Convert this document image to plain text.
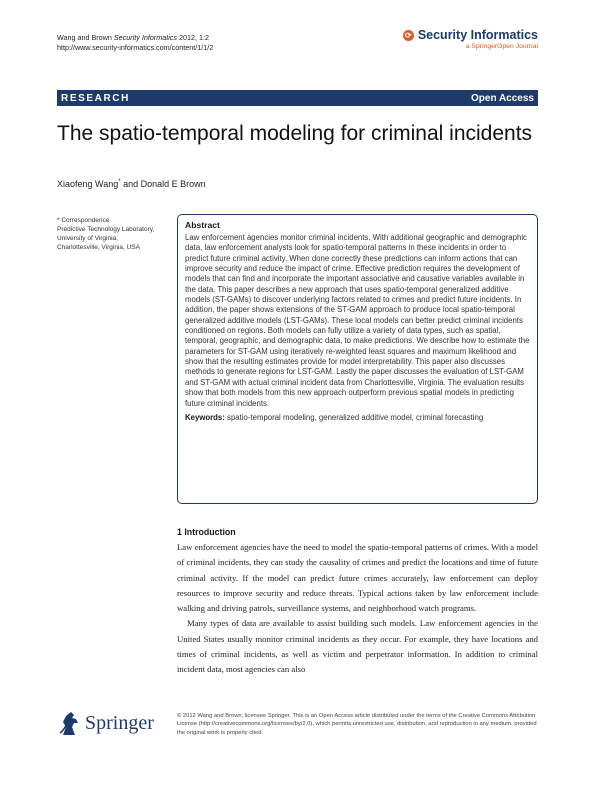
Wang and Brown Security Informatics 2012, 1:2
http://www.security-informatics.com/content/1/1/2
⟳ Security Informatics
a SpringerOpen Journal
RESEARCH	Open Access
The spatio-temporal modeling for criminal incidents
Xiaofeng Wang* and Donald E Brown
* Correspondence
Predictive Technology Laboratory,
University of Virginia,
Charlottesville, Virginia, USA
Abstract

Law enforcement agencies monitor criminal incidents. With additional geographic and demographic data, law enforcement analysts look for spatio-temporal patterns in these incidents in order to predict future criminal activity. When done correctly these predictions can inform actions that can improve security and reduce the impact of crime. Effective prediction requires the development of models that can find and incorporate the important associative and causative variables available in the data. This paper describes a new approach that uses spatio-temporal generalized additive models (ST-GAMs) to discover underlying factors related to crimes and predict future incidents. In addition, the paper shows extensions of the ST-GAM approach to produce local spatio-temporal generalized additive models (LST-GAMs). These local models can better predict criminal incidents conditioned on regions. Both models can fully utilize a variety of data types, such as spatial, temporal, geographic, and demographic data, to make predictions. We describe how to estimate the parameters for ST-GAM using iteratively re-weighted least squares and maximum likelihood and show that the resulting estimates provide for model interpretability. This paper also discusses methods to generate regions for LST-GAM. Lastly the paper discusses the evaluation of LST-GAM and ST-GAM with actual criminal incident data from Charlottesville, Virginia. The evaluation results show that both models from this new approach outperform previous spatial models in predicting future criminal incidents.

Keywords: spatio-temporal modeling, generalized additive model, criminal forecasting
1 Introduction
Law enforcement agencies have the need to model the spatio-temporal patterns of crimes. With a model of criminal incidents, they can study the causality of crimes and predict the locations and time of future criminal activity. If the model can predict future crimes accurately, law enforcement can deploy resources to improve security and reduce threats. Typical actions taken by law enforcement include walking and driving patrols, surveillance systems, and neighborhood watch programs.
Many types of data are available to assist building such models. Law enforcement agencies in the United States usually monitor criminal incidents as they occur. For example, they have locations and times of criminal incidents, as well as victim and perpetrator information. In addition to criminal incident data, most agencies can also
Springer	© 2012 Wang and Brown; licensee Springer. This is an Open Access article distributed under the terms of the Creative Commons Attribution License (http://creativecommons.org/licenses/by/2.0), which permits unrestricted use, distribution, and reproduction in any medium, provided the original work is properly cited.
